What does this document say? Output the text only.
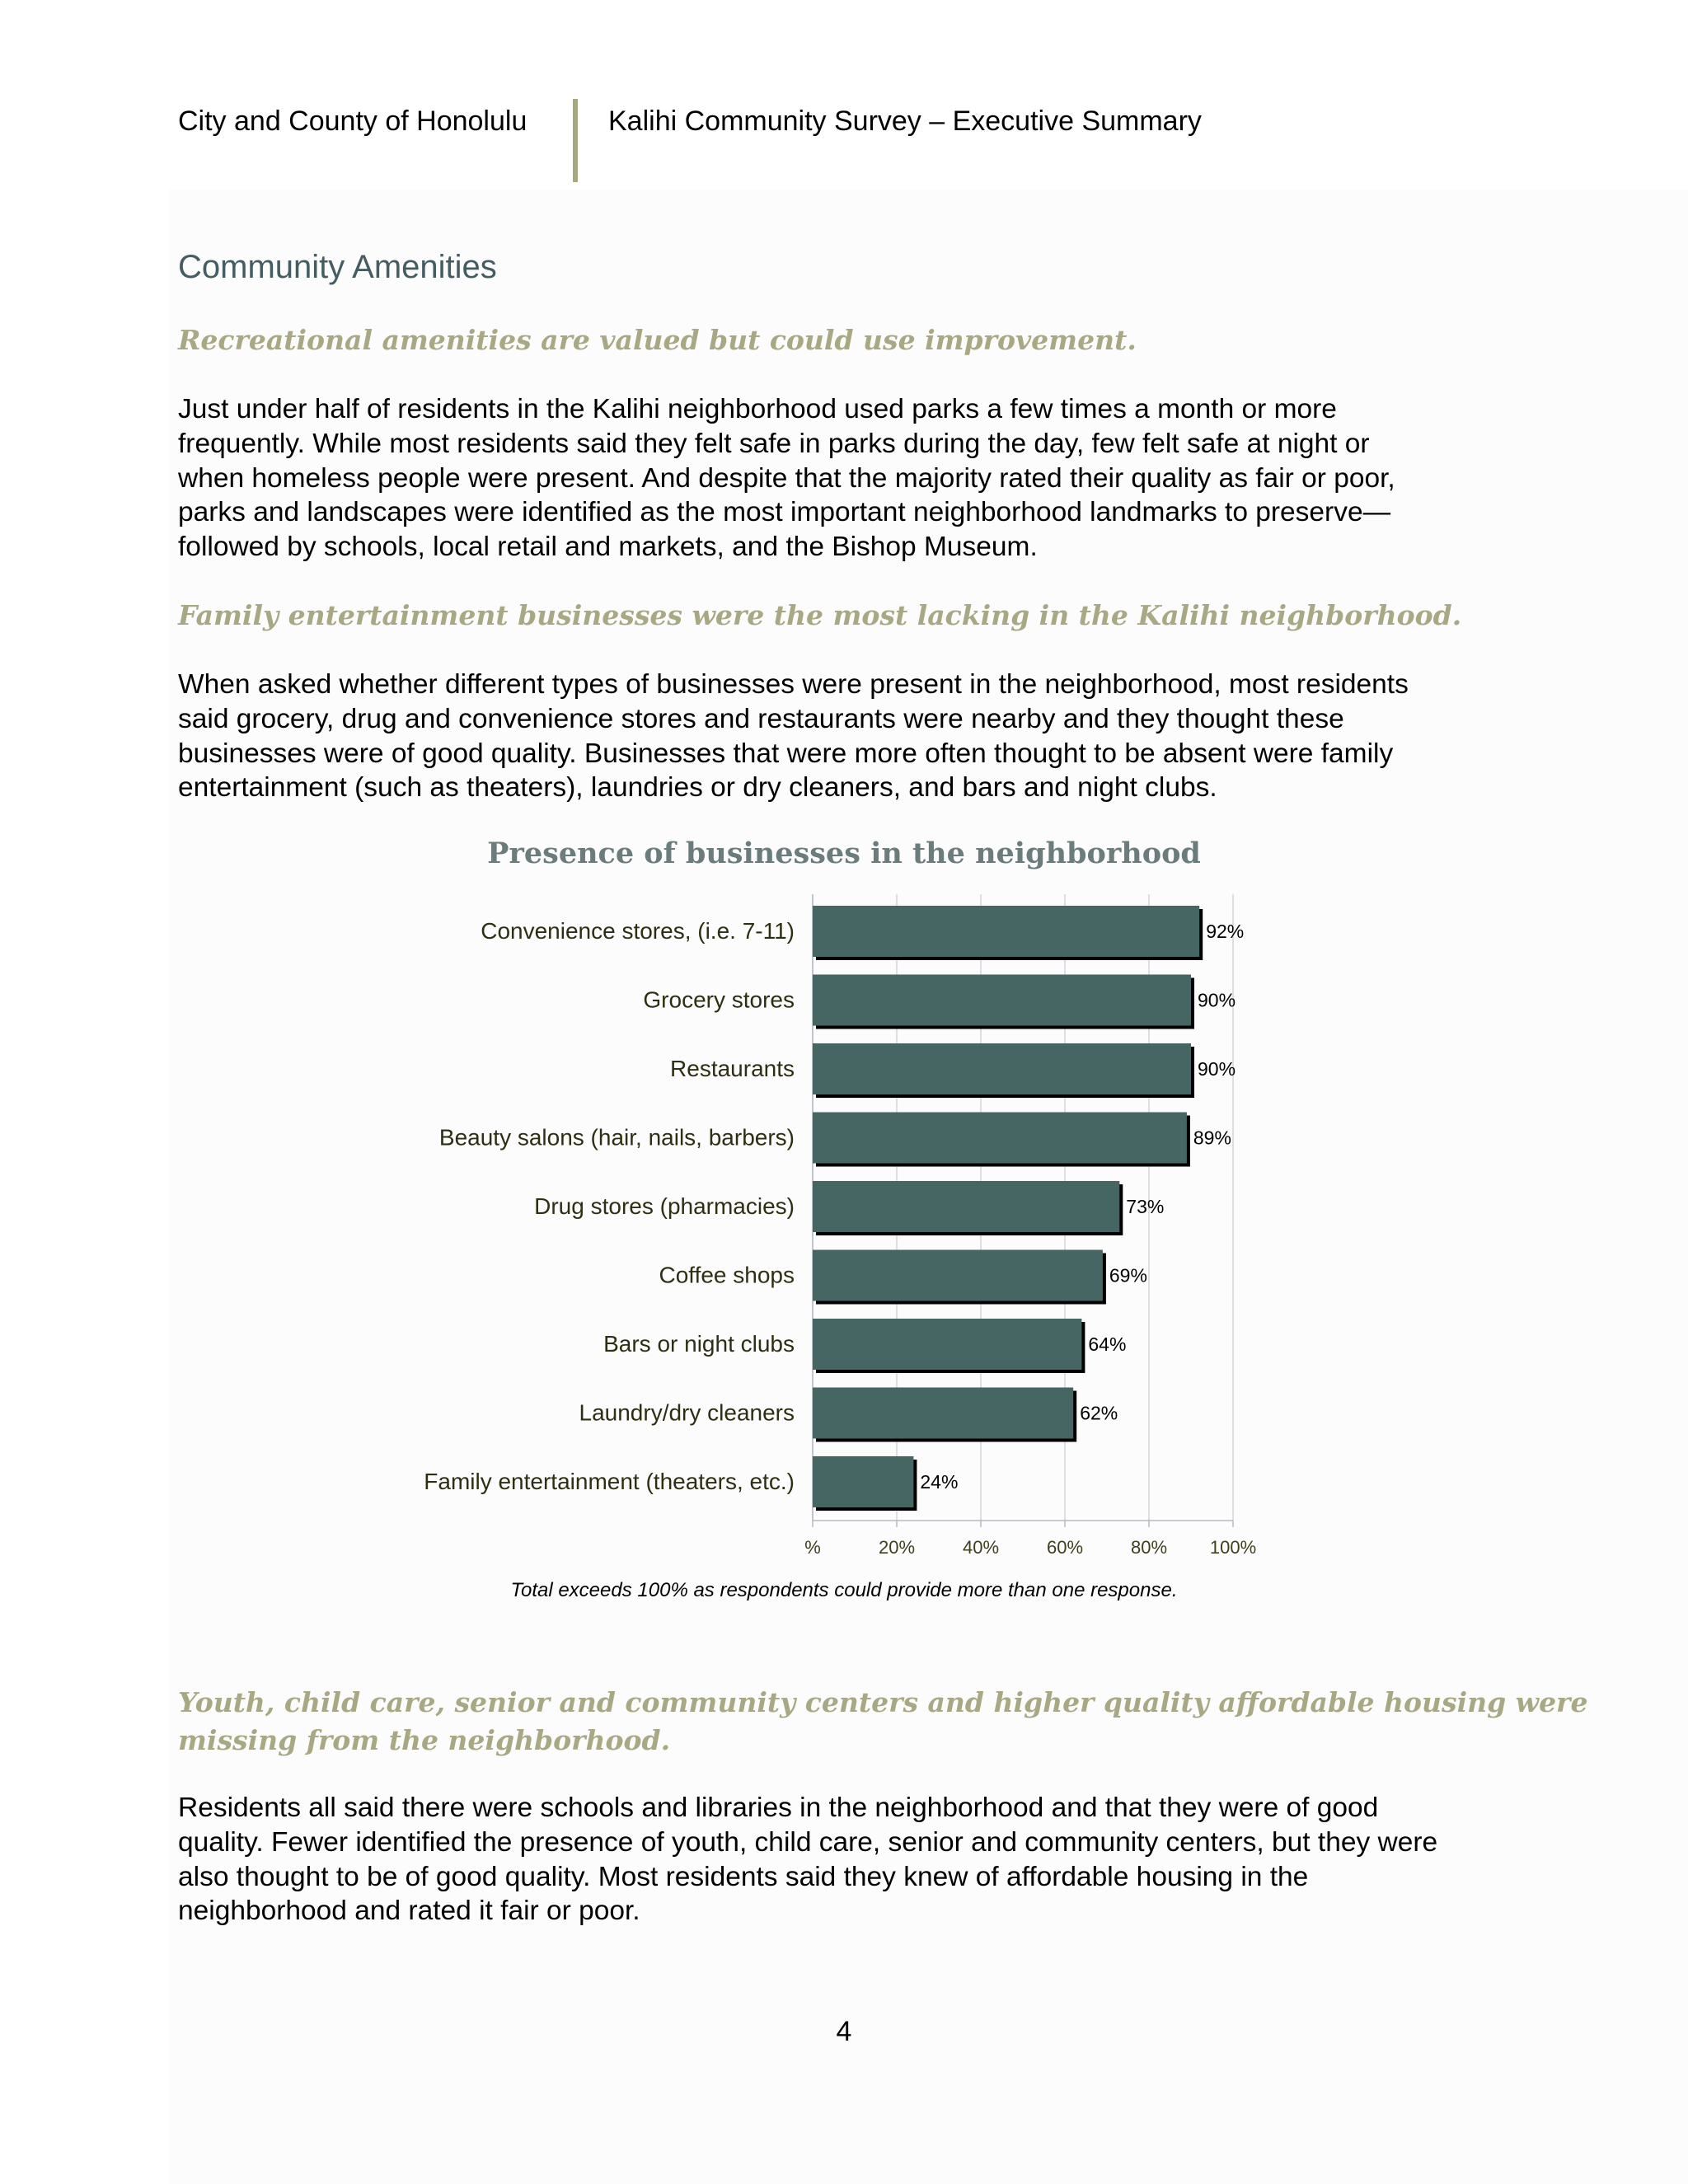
City and County of Honolulu	Kalihi Community Survey – Executive Summary
Community Amenities

Recreational amenities are valued but could use improvement.

Just under half of residents in the Kalihi neighborhood used parks a few times a month or more
frequently. While most residents said they felt safe in parks during the day, few felt safe at night or
when homeless people were present. And despite that the majority rated their quality as fair or poor,
parks and landscapes were identified as the most important neighborhood landmarks to preserve—
followed by schools, local retail and markets, and the Bishop Museum.

Family entertainment businesses were the most lacking in the Kalihi neighborhood.

When asked whether different types of businesses were present in the neighborhood, most residents
said grocery, drug and convenience stores and restaurants were nearby and they thought these
businesses were of good quality. Businesses that were more often thought to be absent were family
entertainment (such as theaters), laundries or dry cleaners, and bars and night clubs.

Presence of businesses in the neighborhood
%	20%	40%	60%	80% 100%
92%
Convenience stores, (i.e. 7-11)
90%
Grocery stores
90%
Restaurants
89%
Beauty salons (hair, nails, barbers)
73%
Drug stores (pharmacies)
69%
Coffee shops
64%
Bars or night clubs
62%
Laundry/dry cleaners
24%
Family entertainment (theaters, etc.)
Total exceeds 100% as respondents could provide more than one response.

Youth, child care, senior and community centers and higher quality affordable housing were
missing from the neighborhood.

Residents all said there were schools and libraries in the neighborhood and that they were of good
quality. Fewer identified the presence of youth, child care, senior and community centers, but they were
also thought to be of good quality. Most residents said they knew of affordable housing in the
neighborhood and rated it fair or poor.

4
